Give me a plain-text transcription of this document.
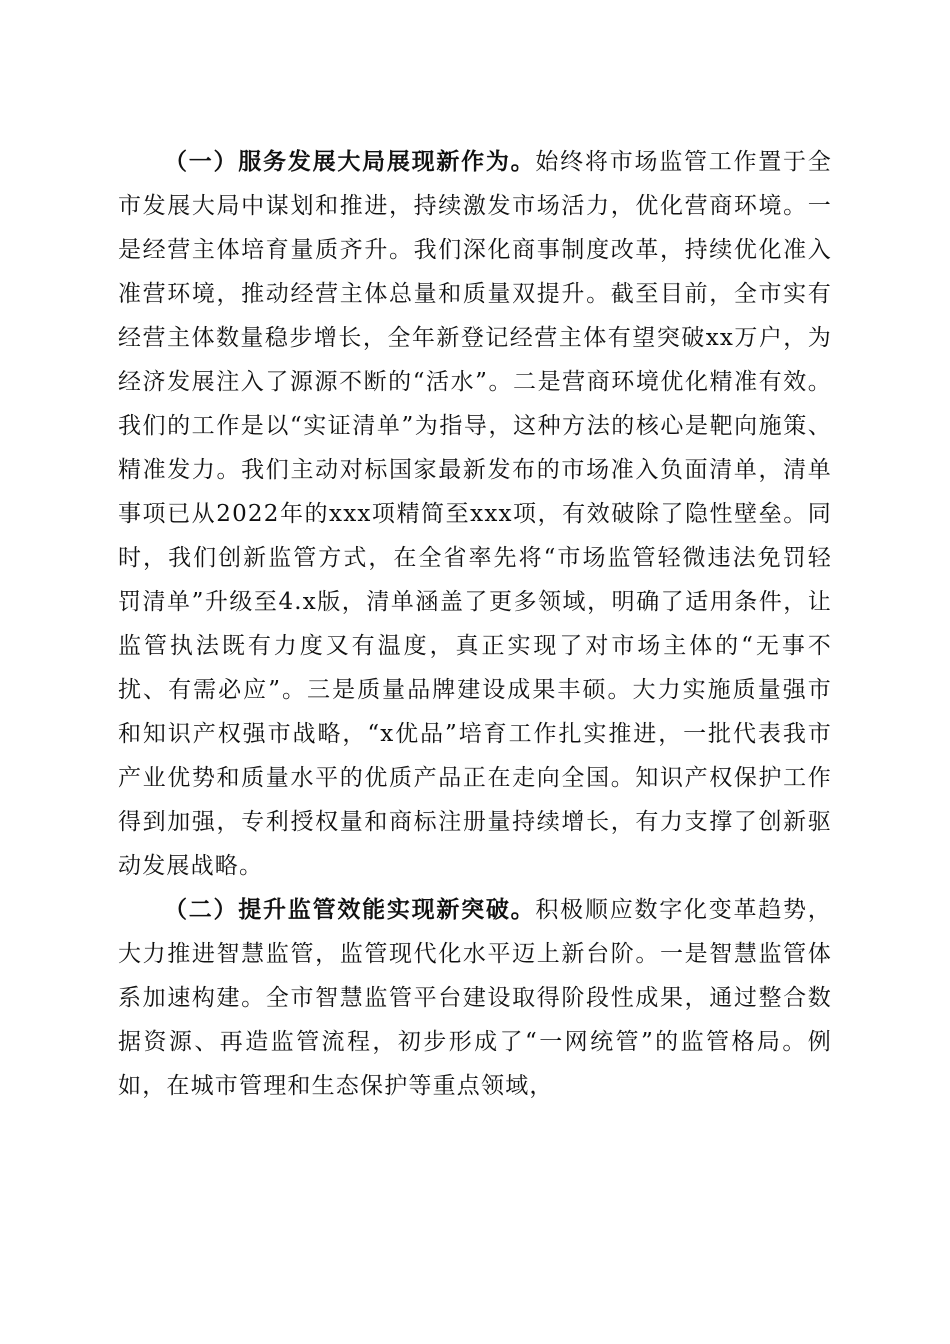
（一）服务发展大局展现新作为。始终将市场监管工作置于全市发展大局中谋划和推进，持续激发市场活力，优化营商环境。一是经营主体培育量质齐升。我们深化商事制度改革，持续优化准入准营环境，推动经营主体总量和质量双提升。截至目前，全市实有经营主体数量稳步增长，全年新登记经营主体有望突破xx万户，为经济发展注入了源源不断的“活水”。二是营商环境优化精准有效。我们的工作是以“实证清单”为指导，这种方法的核心是靶向施策、精准发力。我们主动对标国家最新发布的市场准入负面清单，清单事项已从2022年的xxx项精简至xxx项，有效破除了隐性壁垒。同时，我们创新监管方式，在全省率先将“市场监管轻微违法免罚轻罚清单”升级至4.x版，清单涵盖了更多领域，明确了适用条件，让监管执法既有力度又有温度，真正实现了对市场主体的“无事不扰、有需必应”。三是质量品牌建设成果丰硕。大力实施质量强市和知识产权强市战略，“x优品”培育工作扎实推进，一批代表我市产业优势和质量水平的优质产品正在走向全国。知识产权保护工作得到加强，专利授权量和商标注册量持续增长，有力支撑了创新驱动发展战略。

（二）提升监管效能实现新突破。积极顺应数字化变革趋势，大力推进智慧监管，监管现代化水平迈上新台阶。一是智慧监管体系加速构建。全市智慧监管平台建设取得阶段性成果，通过整合数据资源、再造监管流程，初步形成了“一网统管”的监管格局。例如，在城市管理和生态保护等重点领域，
